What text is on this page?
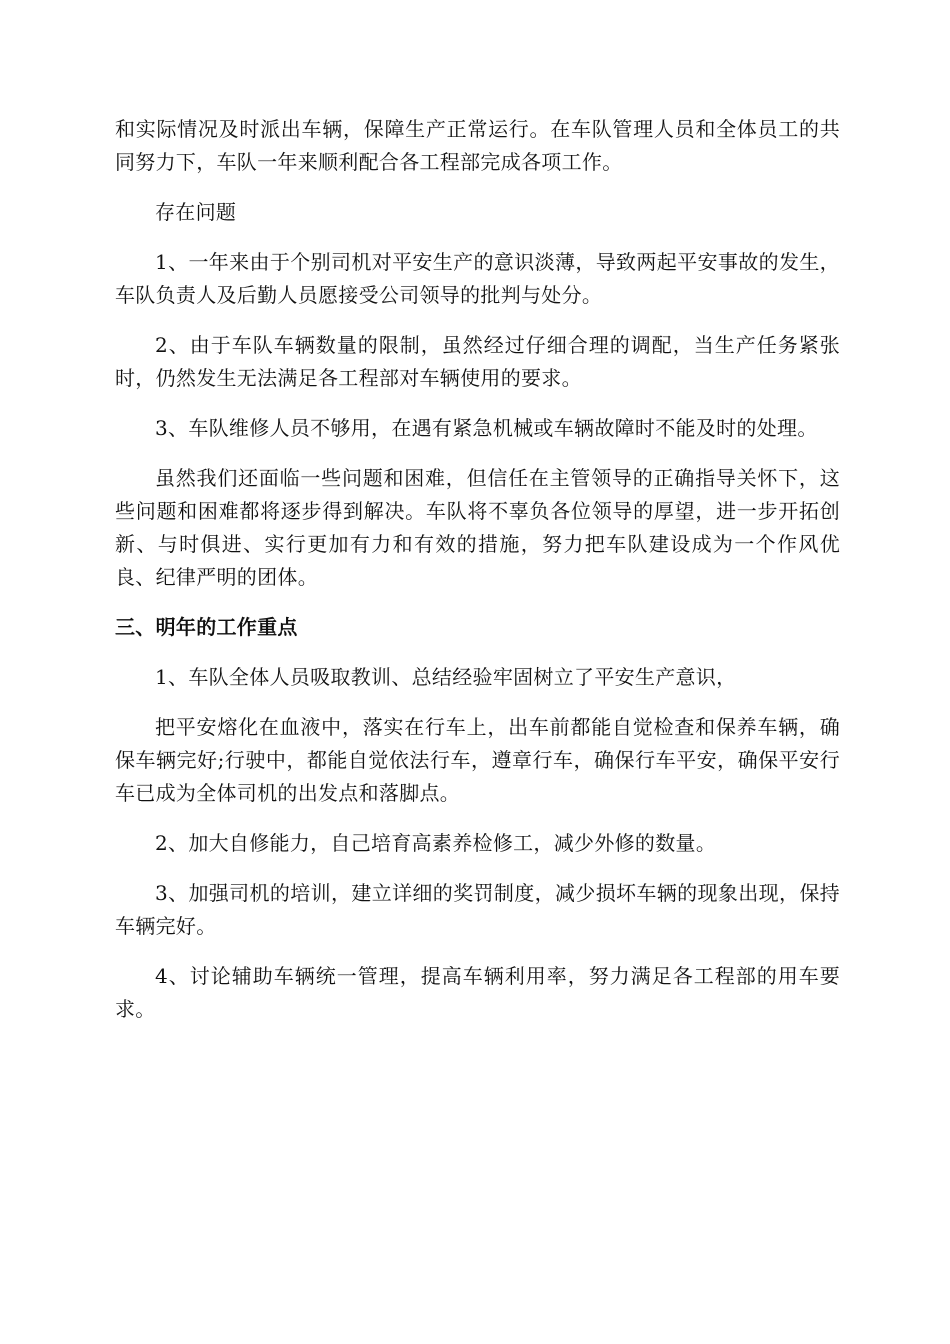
和实际情况及时派出车辆，保障生产正常运行。在车队管理人员和全体员工的共同努力下，车队一年来顺利配合各工程部完成各项工作。

存在问题

1、一年来由于个别司机对平安生产的意识淡薄，导致两起平安事故的发生，车队负责人及后勤人员愿接受公司领导的批判与处分。

2、由于车队车辆数量的限制，虽然经过仔细合理的调配，当生产任务紧张时，仍然发生无法满足各工程部对车辆使用的要求。

3、车队维修人员不够用，在遇有紧急机械或车辆故障时不能及时的处理。

虽然我们还面临一些问题和困难，但信任在主管领导的正确指导关怀下，这些问题和困难都将逐步得到解决。车队将不辜负各位领导的厚望，进一步开拓创新、与时俱进、实行更加有力和有效的措施，努力把车队建设成为一个作风优良、纪律严明的团体。

三、明年的工作重点

1、车队全体人员吸取教训、总结经验牢固树立了平安生产意识，

把平安熔化在血液中，落实在行车上，出车前都能自觉检查和保养车辆，确保车辆完好;行驶中，都能自觉依法行车，遵章行车，确保行车平安，确保平安行车已成为全体司机的出发点和落脚点。

2、加大自修能力，自己培育高素养检修工，减少外修的数量。

3、加强司机的培训，建立详细的奖罚制度，减少损坏车辆的现象出现，保持车辆完好。

4、讨论辅助车辆统一管理，提高车辆利用率，努力满足各工程部的用车要求。
